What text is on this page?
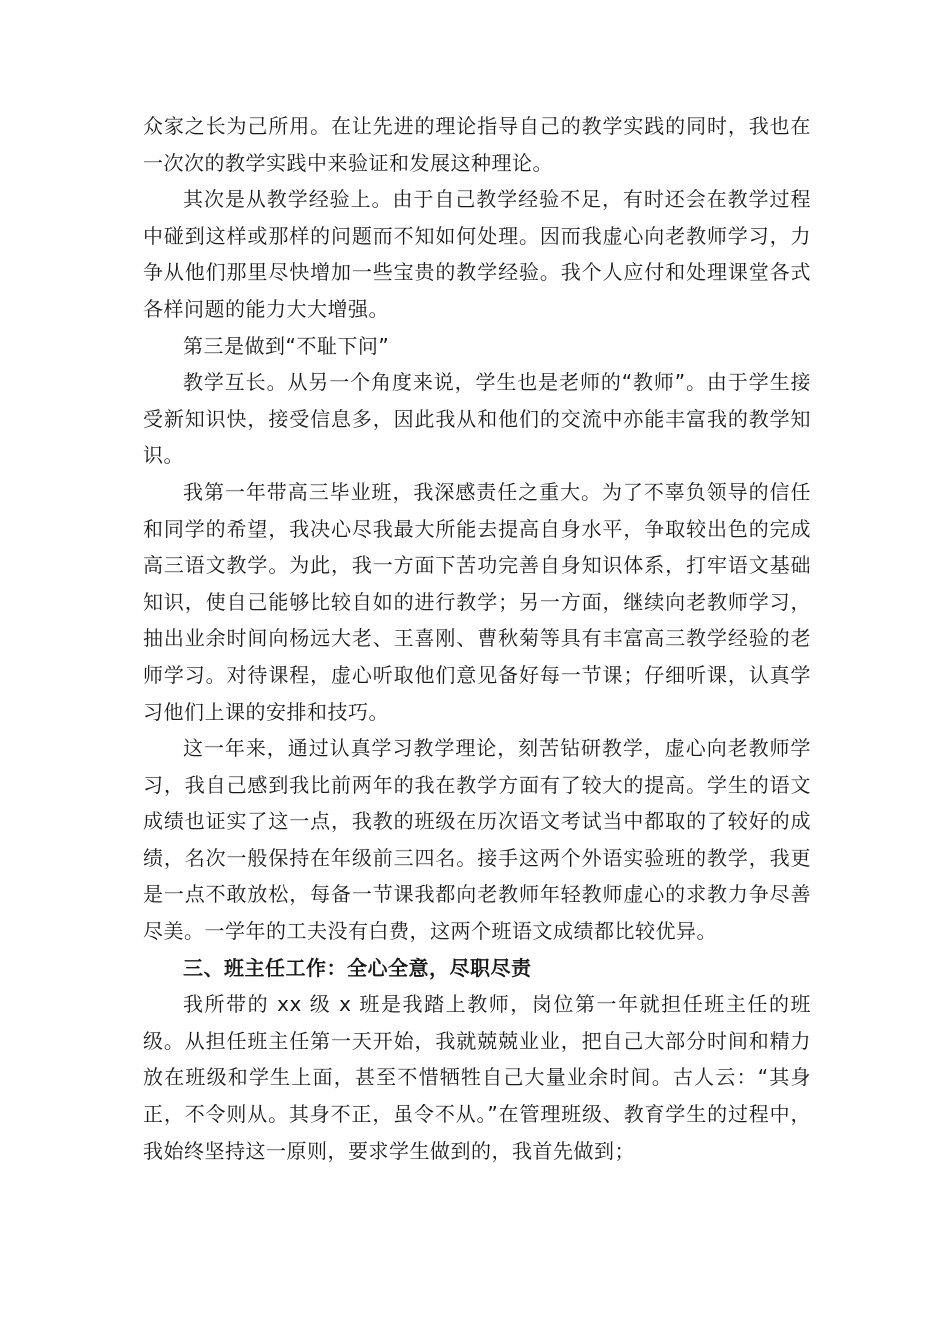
众家之长为己所用。在让先进的理论指导自己的教学实践的同时，我也在一次次的教学实践中来验证和发展这种理论。

其次是从教学经验上。由于自己教学经验不足，有时还会在教学过程中碰到这样或那样的问题而不知如何处理。因而我虚心向老教师学习，力争从他们那里尽快增加一些宝贵的教学经验。我个人应付和处理课堂各式各样问题的能力大大增强。

第三是做到“不耻下问”

教学互长。从另一个角度来说，学生也是老师的“教师”。由于学生接受新知识快，接受信息多，因此我从和他们的交流中亦能丰富我的教学知识。

我第一年带高三毕业班，我深感责任之重大。为了不辜负领导的信任和同学的希望，我决心尽我最大所能去提高自身水平，争取较出色的完成高三语文教学。为此，我一方面下苦功完善自身知识体系，打牢语文基础知识，使自己能够比较自如的进行教学；另一方面，继续向老教师学习，抽出业余时间向杨远大老、王喜刚、曹秋菊等具有丰富高三教学经验的老师学习。对待课程，虚心听取他们意见备好每一节课；仔细听课，认真学习他们上课的安排和技巧。

这一年来，通过认真学习教学理论，刻苦钻研教学，虚心向老教师学习，我自己感到我比前两年的我在教学方面有了较大的提高。学生的语文成绩也证实了这一点，我教的班级在历次语文考试当中都取的了较好的成绩，名次一般保持在年级前三四名。接手这两个外语实验班的教学，我更是一点不敢放松，每备一节课我都向老教师年轻教师虚心的求教力争尽善尽美。一学年的工夫没有白费，这两个班语文成绩都比较优异。

三、班主任工作：全心全意，尽职尽责

我所带的 xx 级 x 班是我踏上教师，岗位第一年就担任班主任的班级。从担任班主任第一天开始，我就兢兢业业，把自己大部分时间和精力放在班级和学生上面，甚至不惜牺牲自己大量业余时间。古人云：“其身正，不令则从。其身不正，虽令不从。”在管理班级、教育学生的过程中，我始终坚持这一原则，要求学生做到的，我首先做到；
